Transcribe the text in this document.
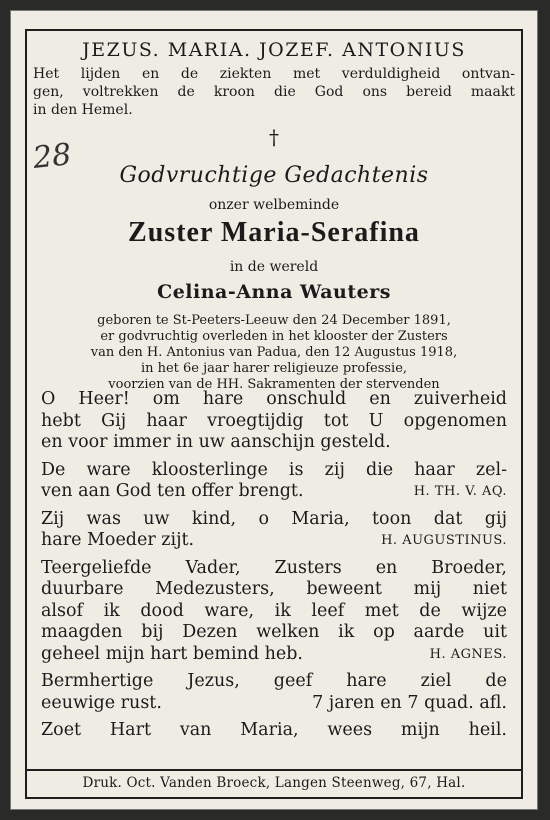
JEZUS. MARIA. JOZEF. ANTONIUS
Het lijden en de ziekten met verduldigheid ontvan-
gen, voltrekken de kroon die God ons bereid maakt
in den Hemel.
†
28	Godvruchtige Gedachtenis
onzer welbeminde
Zuster Maria-Serafina
in de wereld
Celina-Anna Wauters
geboren te St-Peeters-Leeuw den 24 December 1891,
er godvruchtig overleden in het klooster der Zusters
van den H. Antonius van Padua, den 12 Augustus 1918,
in het 6e jaar harer religieuze professie,
voorzien van de HH. Sakramenten der stervenden
O Heer! om hare onschuld en zuiverheid
hebt Gij haar vroegtijdig tot U opgenomen
en voor immer in uw aanschijn gesteld.
De ware kloosterlinge is zij die haar zel-
ven aan God ten offer brengt.	H. TH. V. AQ.
Zij was uw kind, o Maria, toon dat gij
hare Moeder zijt.	H. AUGUSTINUS.
Teergeliefde Vader, Zusters en Broeder,
duurbare Medezusters, beweent mij niet
alsof ik dood ware, ik leef met de wijze
maagden bij Dezen welken ik op aarde uit
geheel mijn hart bemind heb.	H. AGNES.
Bermhertige Jezus, geef hare ziel de
eeuwige rust.	7 jaren en 7 quad. afl.
Zoet Hart van Maria, wees mijn heil.
Druk. Oct. Vanden Broeck, Langen Steenweg, 67, Hal.
